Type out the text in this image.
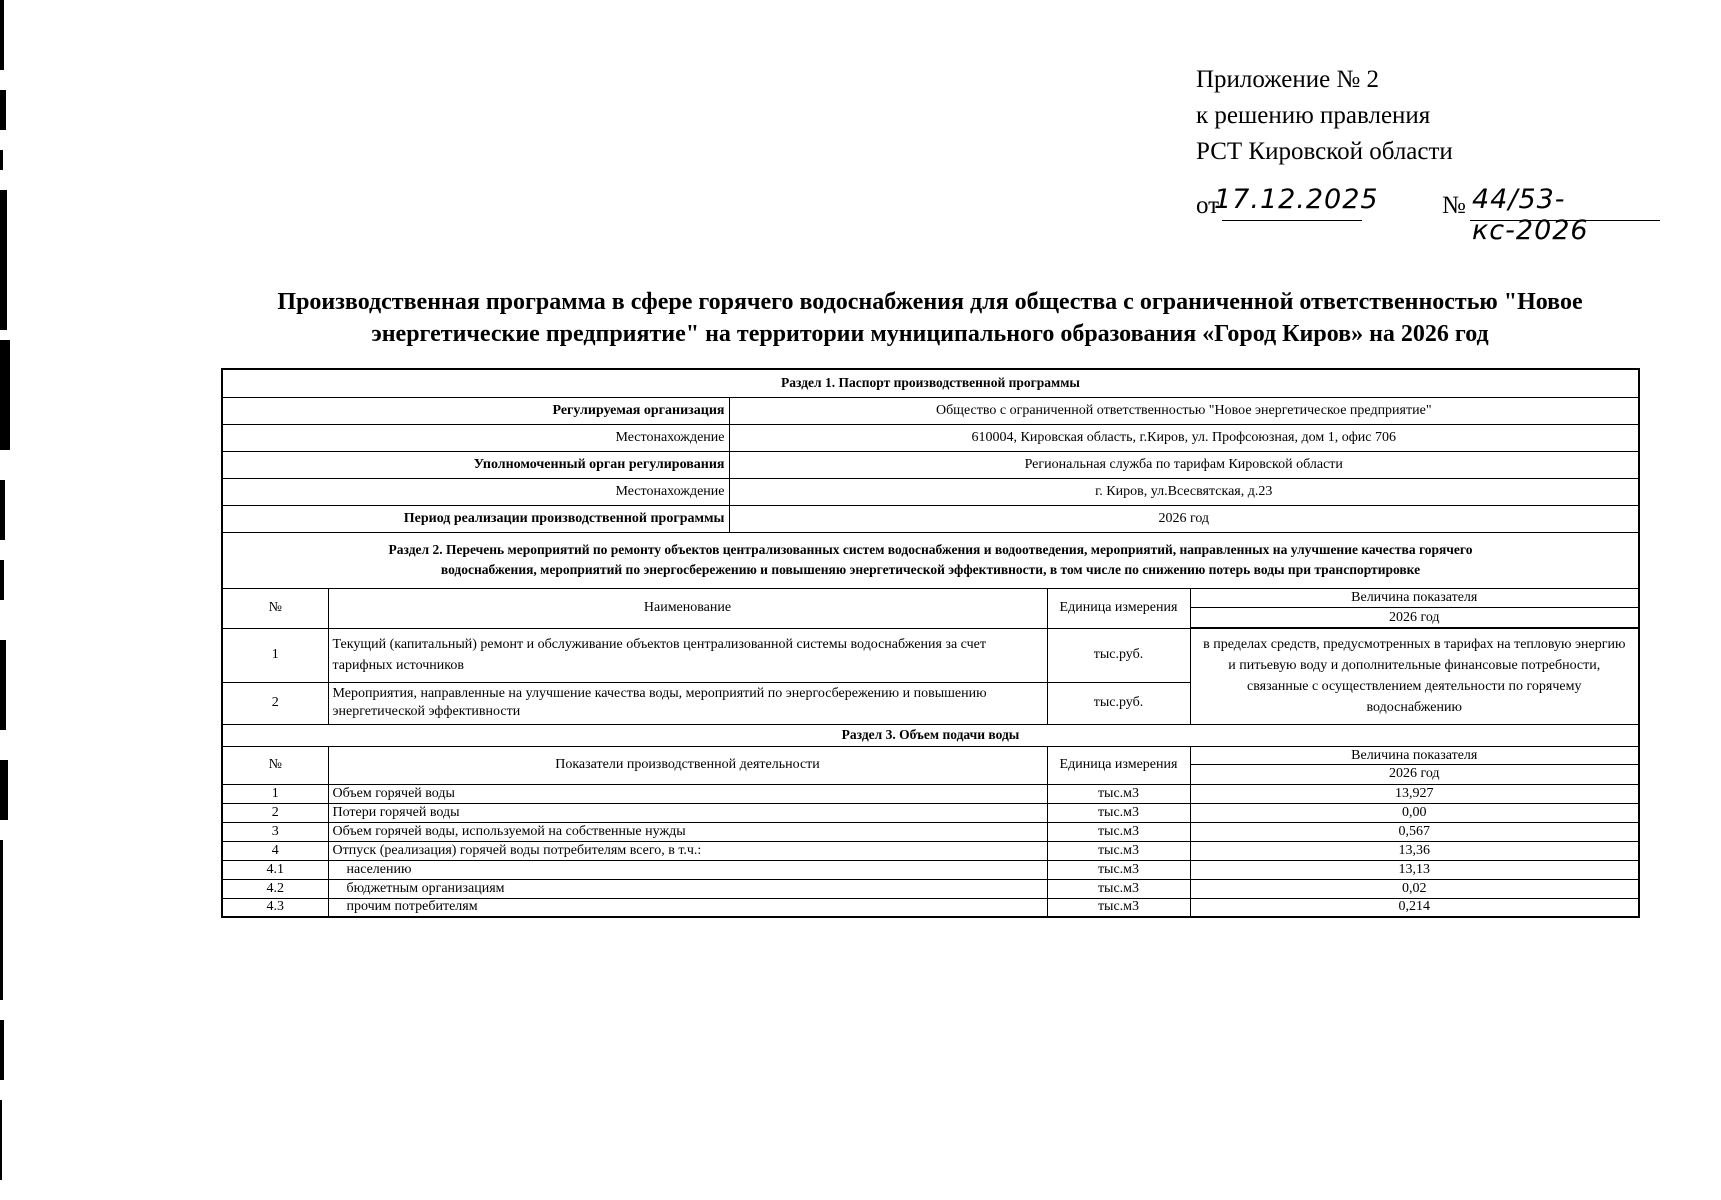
Приложение № 2
к решению правления
РСТ Кировской области
от
17.12.2025	№ 44/53-кс-2026
Производственная программа в сфере горячего водоснабжения для общества с ограниченной ответственностью "Новое
энергетические предприятие" на территории муниципального образования «Город Киров» на 2026 год
Раздел 1. Паспорт производственной программы				
Регулируемая организация		Общество с ограниченной ответственностью "Новое энергетическое предприятие"		
Местонахождение		610004, Кировская область, г.Киров, ул. Профсоюзная, дом 1, офис 706		
Уполномоченный орган регулирования		Региональная служба по тарифам Кировской области		
Местонахождение		г. Киров, ул.Всесвятская, д.23		
Период реализации производственной программы		2026 год		

Раздел 2. Перечень мероприятий по ремонту объектов централизованных систем водоснабжения и водоотведения, мероприятий, направленных на улучшение качества горячего
водоснабжения, мероприятий по энергосбережению и повышеняю энергетической эффективности, в том числе по снижению потерь воды при транспортировке				

№	Наименование		Единица измерения	Величина показателя
2026 год

1	Текущий (капитальный) ремонт и обслуживание объектов централизованной системы водоснабжения за счет тарифных источников		тыс.руб.	в пределах средств, предусмотренных в тарифах на тепловую энергию и питьевую воду и дополнительные финансовые потребности, связанные с осуществлением деятельности по горячему водоснабжению
2	Мероприятия, направленные на улучшение качества воды, мероприятий по энергосбережению и повышению энергетической эффективности		тыс.руб.	
Раздел 3. Объем подачи воды				
№	Показатели производственной деятельности		Единица измерения	Величина показателя
2026 год

1	Объем горячей воды		тыс.м3	13,927
2	Потери горячей воды		тыс.м3	0,00
3	Объем горячей воды, используемой на собственные нужды		тыс.м3	0,567
4	Отпуск (реализация) горячей воды потребителям всего, в т.ч.:		тыс.м3	13,36
4.1	населению		тыс.м3	13,13
4.2	бюджетным организациям		тыс.м3	0,02
4.3	прочим потребителям		тыс.м3	0,214
